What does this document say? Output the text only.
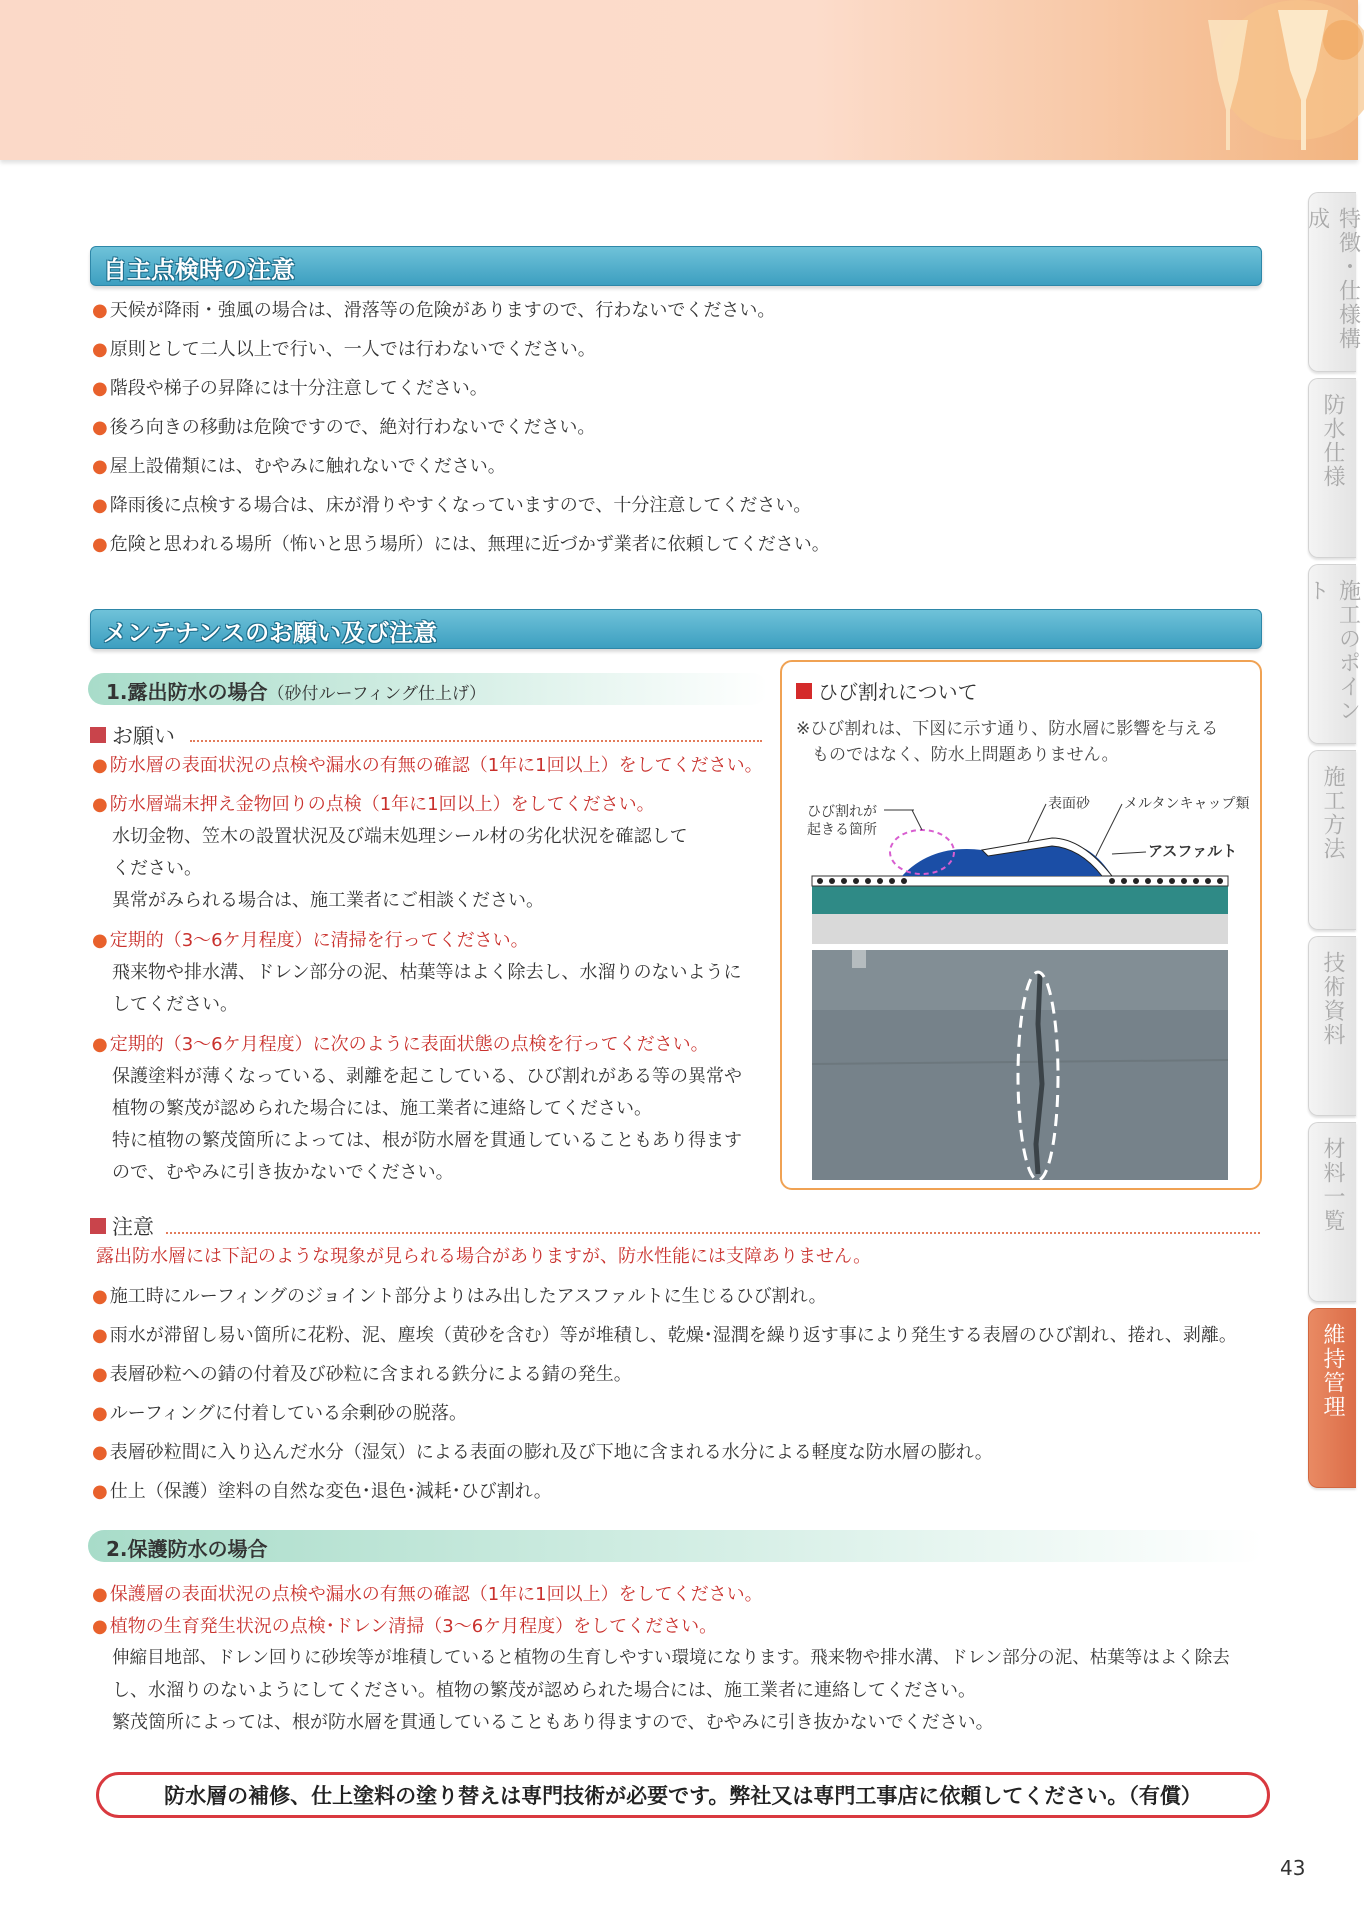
特徴・仕様構成
防水仕様
施工のポイント
施工方法
技術資料
材料一覧
維持管理
自主点検時の注意
● 天候が降雨・強風の場合は、滑落等の危険がありますので、行わないでください。
● 原則として二人以上で行い、一人では行わないでください。
● 階段や梯子の昇降には十分注意してください。
● 後ろ向きの移動は危険ですので、絶対行わないでください。
● 屋上設備類には、むやみに触れないでください。
● 降雨後に点検する場合は、床が滑りやすくなっていますので、十分注意してください。
● 危険と思われる場所（怖いと思う場所）には、無理に近づかず業者に依頼してください。
メンテナンスのお願い及び注意
1.露出防水の場合（砂付ルーフィング仕上げ）
お願い
● 防水層の表面状況の点検や漏水の有無の確認（1年に1回以上）をしてください。
● 防水層端末押え金物回りの点検（1年に1回以上）をしてください。
水切金物、笠木の設置状況及び端末処理シール材の劣化状況を確認して
ください。
異常がみられる場合は、施工業者にご相談ください。
● 定期的（3～6ケ月程度）に清掃を行ってください。
飛来物や排水溝、ドレン部分の泥、枯葉等はよく除去し、水溜りのないように
してください。
● 定期的（3～6ケ月程度）に次のように表面状態の点検を行ってください。
保護塗料が薄くなっている、剥離を起こしている、ひび割れがある等の異常や
植物の繁茂が認められた場合には、施工業者に連絡してください。
特に植物の繁茂箇所によっては、根が防水層を貫通していることもあり得ます
ので、むやみに引き抜かないでください。
ひび割れについて
※ひび割れは、下図に示す通り、防水層に影響を与える
ものではなく、防水上問題ありません。
ひび割れが
起きる箇所
表面砂 メルタンキャップ類
アスファルト
注意
露出防水層には下記のような現象が見られる場合がありますが、防水性能には支障ありません。
● 施工時にルーフィングのジョイント部分よりはみ出したアスファルトに生じるひび割れ。
● 雨水が滞留し易い箇所に花粉、泥、塵埃（黄砂を含む）等が堆積し、乾燥･湿潤を繰り返す事により発生する表層のひび割れ、捲れ、剥離。
● 表層砂粒への錆の付着及び砂粒に含まれる鉄分による錆の発生。
● ルーフィングに付着している余剰砂の脱落。
● 表層砂粒間に入り込んだ水分（湿気）による表面の膨れ及び下地に含まれる水分による軽度な防水層の膨れ。
● 仕上（保護）塗料の自然な変色･退色･減耗･ひび割れ。
2.保護防水の場合
● 保護層の表面状況の点検や漏水の有無の確認（1年に1回以上）をしてください。
● 植物の生育発生状況の点検･ドレン清掃（3～6ケ月程度）をしてください。
伸縮目地部、ドレン回りに砂埃等が堆積していると植物の生育しやすい環境になります。飛来物や排水溝、ドレン部分の泥、枯葉等はよく除去
し、水溜りのないようにしてください。植物の繁茂が認められた場合には、施工業者に連絡してください。
繁茂箇所によっては、根が防水層を貫通していることもあり得ますので、むやみに引き抜かないでください。
防水層の補修、仕上塗料の塗り替えは専門技術が必要です。弊社又は専門工事店に依頼してください。（有償）
43
